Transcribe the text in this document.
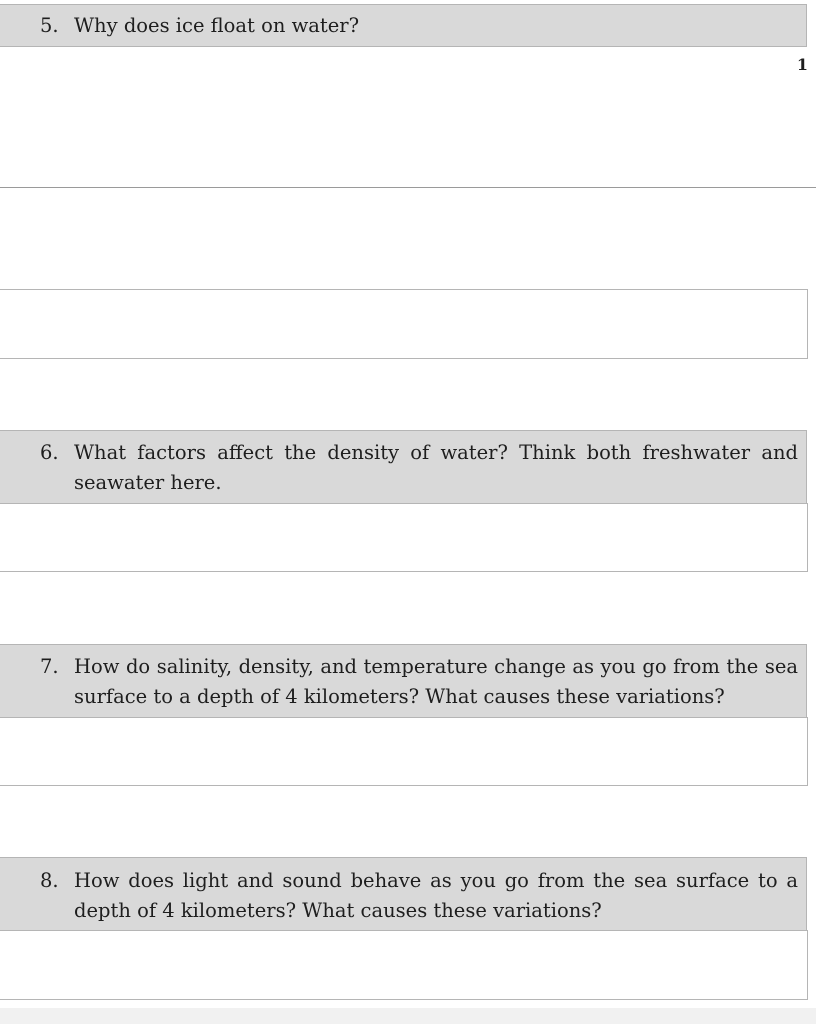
5. Why does ice float on water?
1
6. What factors affect the density of water? Think both freshwater and seawater here.
7. How do salinity, density, and temperature change as you go from the sea surface to a depth of 4 kilometers? What causes these variations?
8. How does light and sound behave as you go from the sea surface to a depth of 4 kilometers? What causes these variations?
